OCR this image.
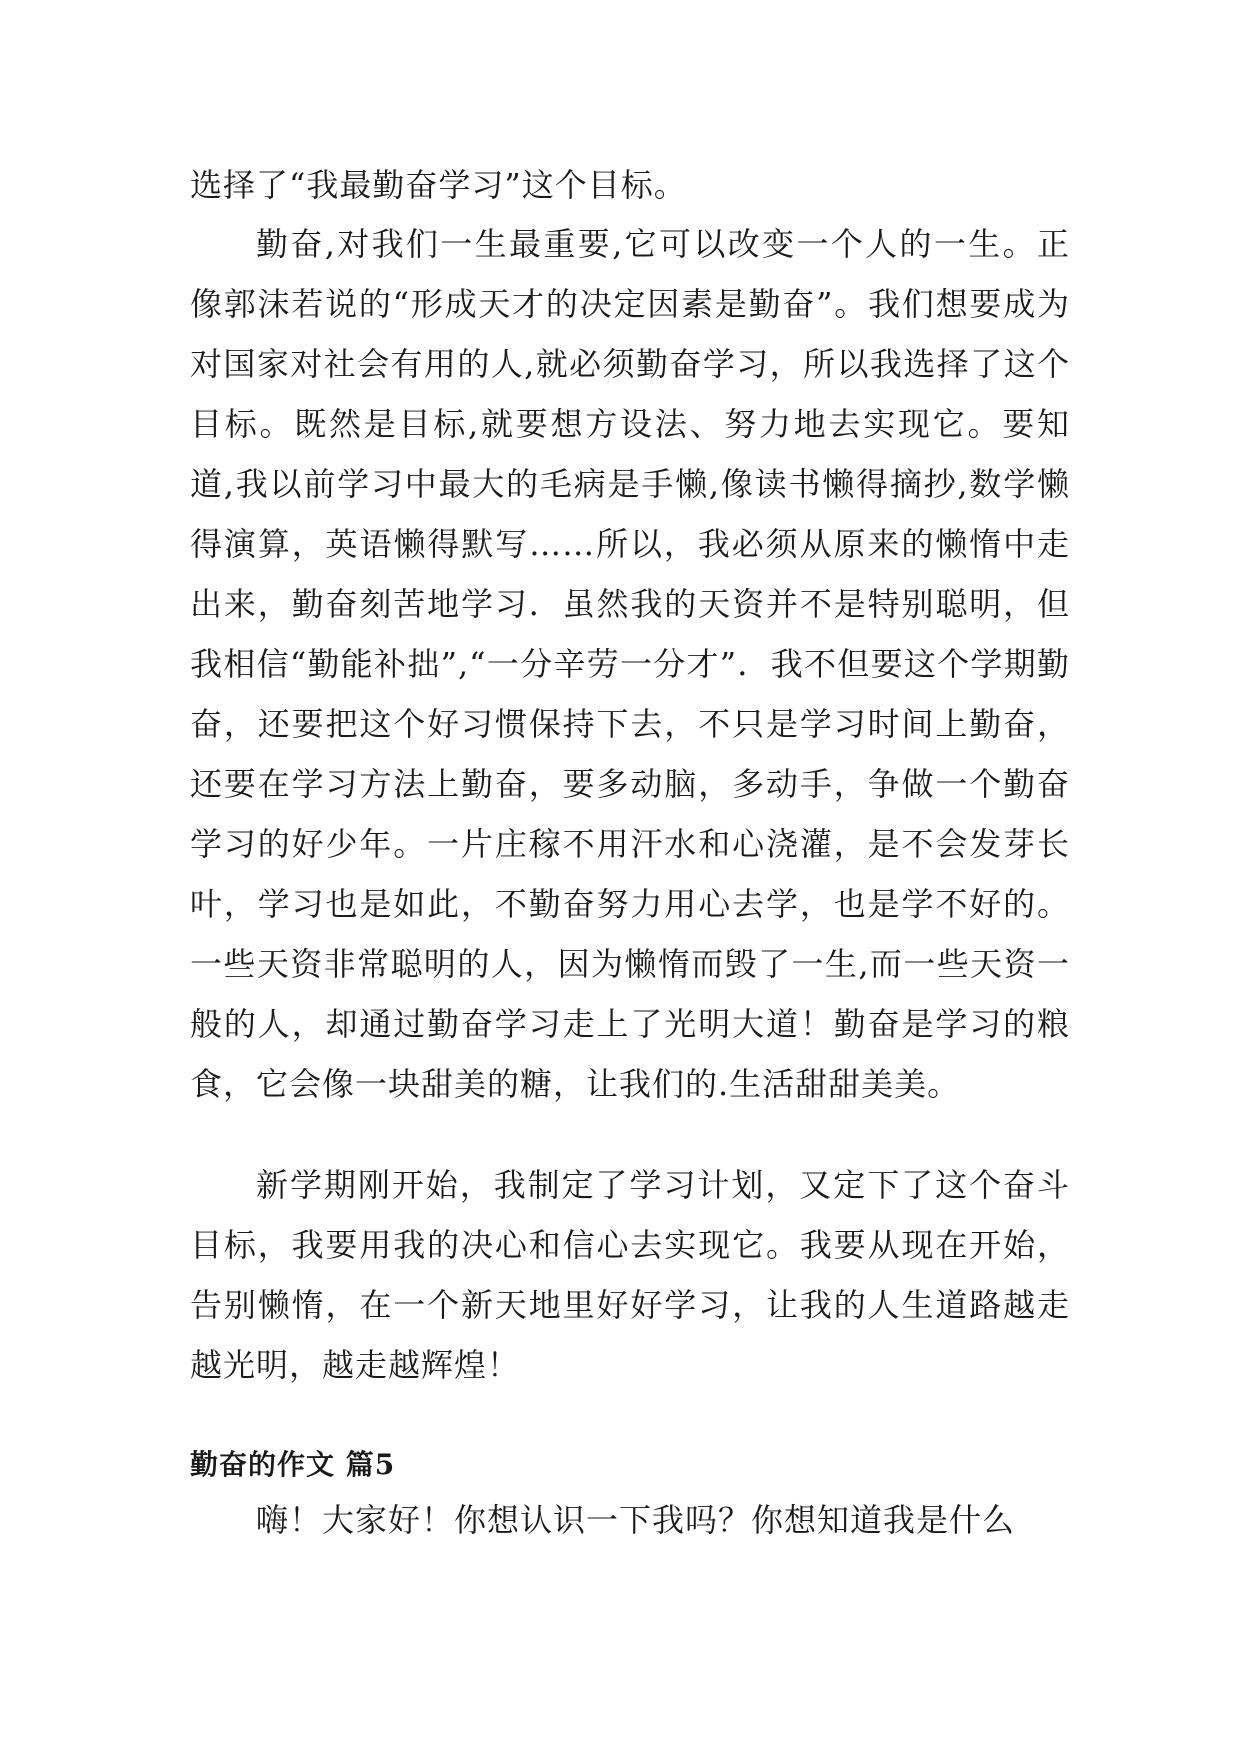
选择了“我最勤奋学习”这个目标。

勤奋,对我们一生最重要,它可以改变一个人的一生。正像郭沫若说的“形成天才的决定因素是勤奋”。我们想要成为对国家对社会有用的人,就必须勤奋学习，所以我选择了这个目标。既然是目标,就要想方设法、努力地去实现它。要知道,我以前学习中最大的毛病是手懒,像读书懒得摘抄,数学懒得演算，英语懒得默写……所以，我必须从原来的懒惰中走出来，勤奋刻苦地学习．虽然我的天资并不是特别聪明，但我相信“勤能补拙”,“一分辛劳一分才”．我不但要这个学期勤奋，还要把这个好习惯保持下去，不只是学习时间上勤奋，还要在学习方法上勤奋，要多动脑，多动手，争做一个勤奋学习的好少年。一片庄稼不用汗水和心浇灌，是不会发芽长叶，学习也是如此，不勤奋努力用心去学，也是学不好的。一些天资非常聪明的人，因为懒惰而毁了一生,而一些天资一般的人，却通过勤奋学习走上了光明大道！勤奋是学习的粮食，它会像一块甜美的糖，让我们的.生活甜甜美美。

新学期刚开始，我制定了学习计划，又定下了这个奋斗目标，我要用我的决心和信心去实现它。我要从现在开始，告别懒惰，在一个新天地里好好学习，让我的人生道路越走越光明，越走越辉煌！

勤奋的作文 篇5

嗨！大家好！你想认识一下我吗？你想知道我是什么
